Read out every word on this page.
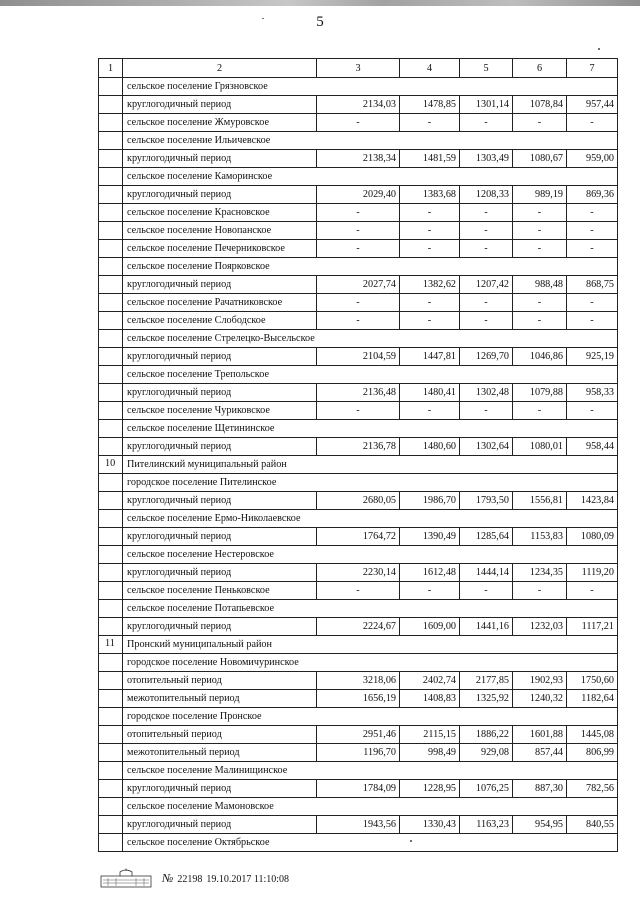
5
1	2	3	4	5	6	7
	сельское поселение Грязновское					
	круглогодичный период	2134,03	1478,85	1301,14	1078,84	957,44
	сельское поселение Жмуровское	-	-	-	-	-
	сельское поселение Ильичевское					
	круглогодичный период	2138,34	1481,59	1303,49	1080,67	959,00
	сельское поселение Каморинское					
	круглогодичный период	2029,40	1383,68	1208,33	989,19	869,36
	сельское поселение Красновское	-	-	-	-	-
	сельское поселение Новопанское	-	-	-	-	-
	сельское поселение Печерниковское	-	-	-	-	-
	сельское поселение Поярковское					
	круглогодичный период	2027,74	1382,62	1207,42	988,48	868,75
	сельское поселение Рачатниковское	-	-	-	-	-
	сельское поселение Слободское	-	-	-	-	-
	сельское поселение Стрелецко-Высельское					
	круглогодичный период	2104,59	1447,81	1269,70	1046,86	925,19
	сельское поселение Трепольское					
	круглогодичный период	2136,48	1480,41	1302,48	1079,88	958,33
	сельское поселение Чуриковское	-	-	-	-	-
	сельское поселение Щетининское					
	круглогодичный период	2136,78	1480,60	1302,64	1080,01	958,44
10	Пителинский муниципальный район					
	городское поселение Пителинское					
	круглогодичный период	2680,05	1986,70	1793,50	1556,81	1423,84
	сельское поселение Ермо-Николаевское					
	круглогодичный период	1764,72	1390,49	1285,64	1153,83	1080,09
	сельское поселение Нестеровское					
	круглогодичный период	2230,14	1612,48	1444,14	1234,35	1119,20
	сельское поселение Пеньковское	-	-	-	-	-
	сельское поселение Потапьевское					
	круглогодичный период	2224,67	1609,00	1441,16	1232,03	1117,21
11	Пронский муниципальный район					
	городское поселение Новомичуринское					
	отопительный период	3218,06	2402,74	2177,85	1902,93	1750,60
	межотопительный период	1656,19	1408,83	1325,92	1240,32	1182,64
	городское поселение Пронское					
	отопительный период	2951,46	2115,15	1886,22	1601,88	1445,08
	межотопительный период	1196,70	998,49	929,08	857,44	806,99
	сельское поселение Малинищинское					
	круглогодичный период	1784,09	1228,95	1076,25	887,30	782,56
	сельское поселение Мамоновское					
	круглогодичный период	1943,56	1330,43	1163,23	954,95	840,55
	сельское поселение Октябрьское					
№ 22198 19.10.2017 11:10:08
